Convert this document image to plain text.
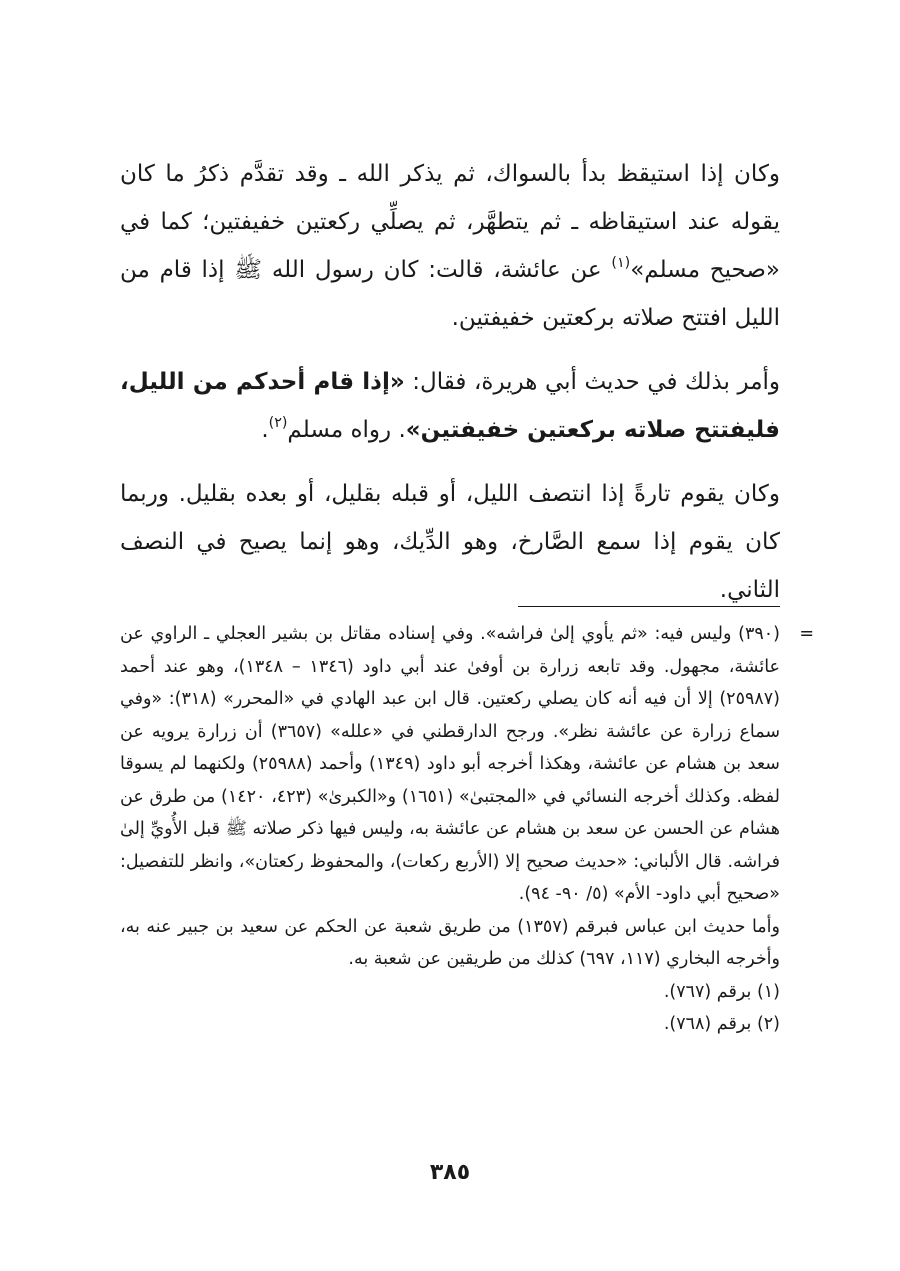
وكان إذا استيقظ بدأ بالسواك، ثم يذكر الله ـ وقد تقدَّم ذكرُ ما كان يقوله عند استيقاظه ـ ثم يتطهَّر، ثم يصلِّي ركعتين خفيفتين؛ كما في «صحيح مسلم»$^{(١)}$ عن عائشة، قالت: كان رسول الله ﷺ إذا قام من الليل افتتح صلاته بركعتين خفيفتين.

وأمر بذلك في حديث أبي هريرة، فقال: «إذا قام أحدكم من الليل، فليفتتح صلاته بركعتين خفيفتين». رواه مسلم$^{(٢)}$.

وكان يقوم تارةً إذا انتصف الليل، أو قبله بقليل، أو بعده بقليل. وربما كان يقوم إذا سمع الصَّارخ، وهو الدِّيك، وهو إنما يصيح في النصف الثاني.

=

(٣٩٠) وليس فيه: «ثم يأوي إلىٰ فراشه». وفي إسناده مقاتل بن بشير العجلي ـ الراوي عن عائشة، مجهول. وقد تابعه زرارة بن أوفىٰ عند أبي داود (١٣٤٦ – ١٣٤٨)، وهو عند أحمد (٢٥٩٨٧) إلا أن فيه أنه كان يصلي ركعتين. قال ابن عبد الهادي في «المحرر» (٣١٨): «وفي سماع زرارة عن عائشة نظر». ورجح الدارقطني في «علله» (٣٦٥٧) أن زرارة يرويه عن سعد بن هشام عن عائشة، وهكذا أخرجه أبو داود (١٣٤٩) وأحمد (٢٥٩٨٨) ولكنهما لم يسوقا لفظه. وكذلك أخرجه النسائي في «المجتبىٰ» (١٦٥١) و«الكبرىٰ» (٤٢٣، ١٤٢٠) من طرق عن هشام عن الحسن عن سعد بن هشام عن عائشة به، وليس فيها ذكر صلاته ﷺ قبل الأُويِّ إلىٰ فراشه. قال الألباني: «حديث صحيح إلا (الأربع ركعات)، والمحفوظ ركعتان»، وانظر للتفصيل: «صحيح أبي داود- الأم» (٥/ ٩٠- ٩٤).

وأما حديث ابن عباس فبرقم (١٣٥٧) من طريق شعبة عن الحكم عن سعيد بن جبير عنه به، وأخرجه البخاري (١١٧، ٦٩٧) كذلك من طريقين عن شعبة به.

(١) برقم (٧٦٧).

(٢) برقم (٧٦٨).

٣٨٥
